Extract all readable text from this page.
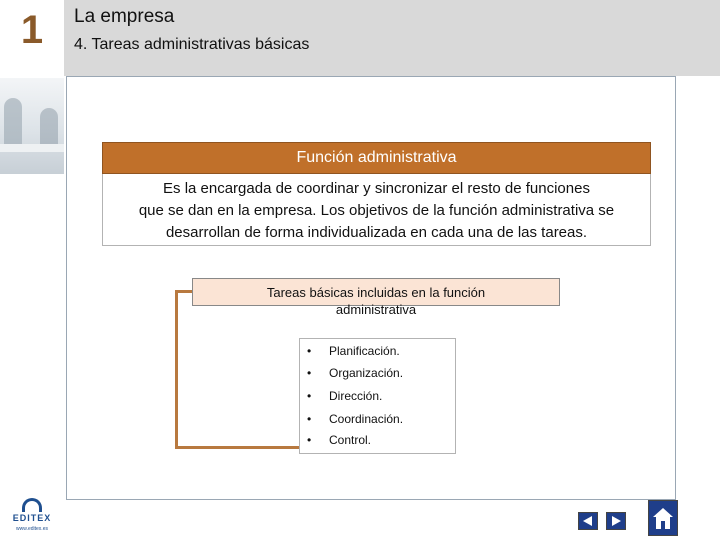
1
EDITEX
www.editex.es
La empresa
4. Tareas administrativas básicas
Función administrativa
Es la encargada de coordinar y sincronizar el resto de funciones
que se dan en la empresa. Los objetivos de la función administrativa se
desarrollan de forma individualizada en cada una de las tareas.
Tareas básicas incluidas en la función
administrativa
• Planificación.
• Organización.
• Dirección.
• Coordinación.
• Control.
